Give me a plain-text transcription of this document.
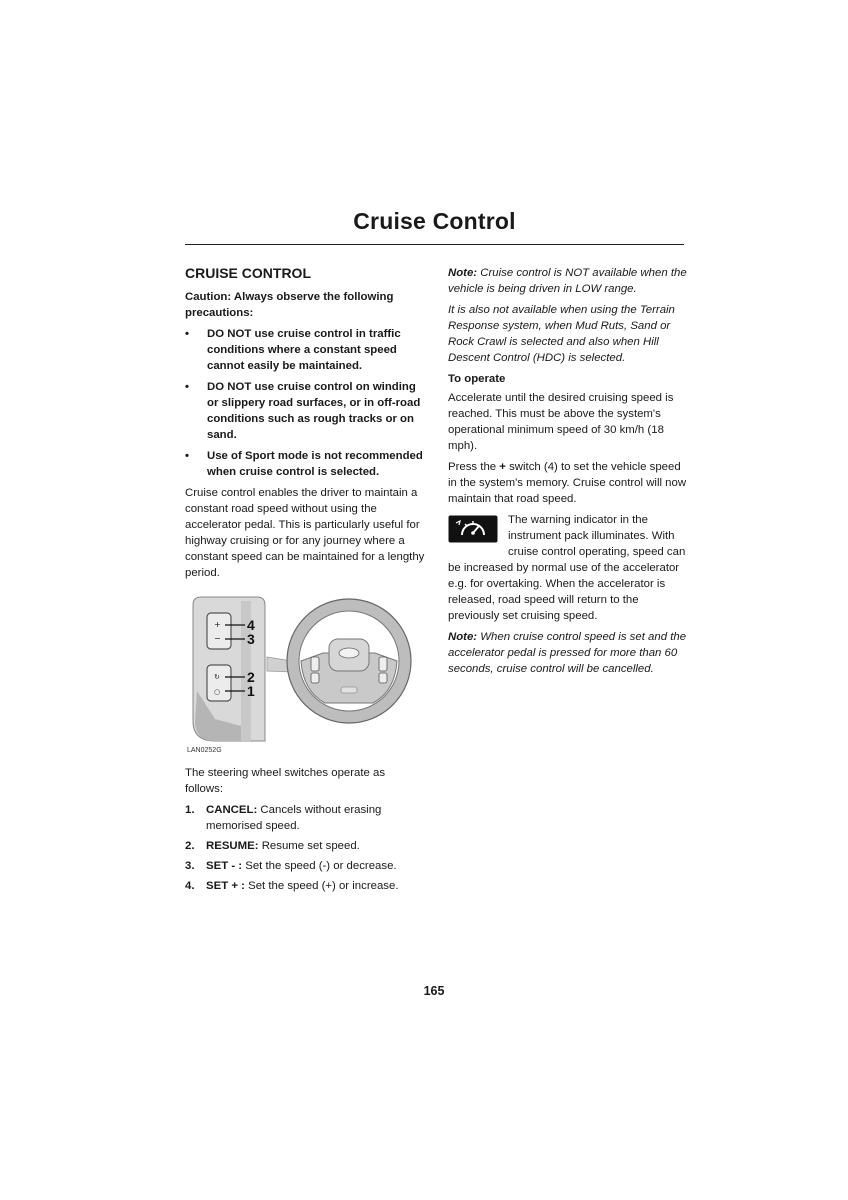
Cruise Control
CRUISE CONTROL

Caution: Always observe the following precautions:

• DO NOT use cruise control in traffic conditions where a constant speed cannot easily be maintained.
• DO NOT use cruise control on winding or slippery road surfaces, or in off-road conditions such as rough tracks or on sand.
• Use of Sport mode is not recommended when cruise control is selected.

Cruise control enables the driver to maintain a constant road speed without using the accelerator pedal. This is particularly useful for highway cruising or for any journey where a constant speed can be maintained for a lengthy period.

+
−
↻
○
4
3
2
1
LAN0252G

The steering wheel switches operate as follows:

1. CANCEL: Cancels without erasing memorised speed.
2. RESUME: Resume set speed.
3. SET - : Set the speed (-) or decrease.
4. SET + : Set the speed (+) or increase.

Note: Cruise control is NOT available when the vehicle is being driven in LOW range.

It is also not available when using the Terrain Response system, when Mud Ruts, Sand or Rock Crawl is selected and also when Hill Descent Control (HDC) is selected.

To operate

Accelerate until the desired cruising speed is reached. This must be above the system's operational minimum speed of 30 km/h (18 mph).

Press the + switch (4) to set the vehicle speed in the system's memory. Cruise control will now maintain that road speed.

The warning indicator in the instrument pack illuminates. With cruise control operating, speed can be increased by normal use of the accelerator e.g. for overtaking. When the accelerator is released, road speed will return to the previously set cruising speed.

Note: When cruise control speed is set and the accelerator pedal is pressed for more than 60 seconds, cruise control will be cancelled.

165
